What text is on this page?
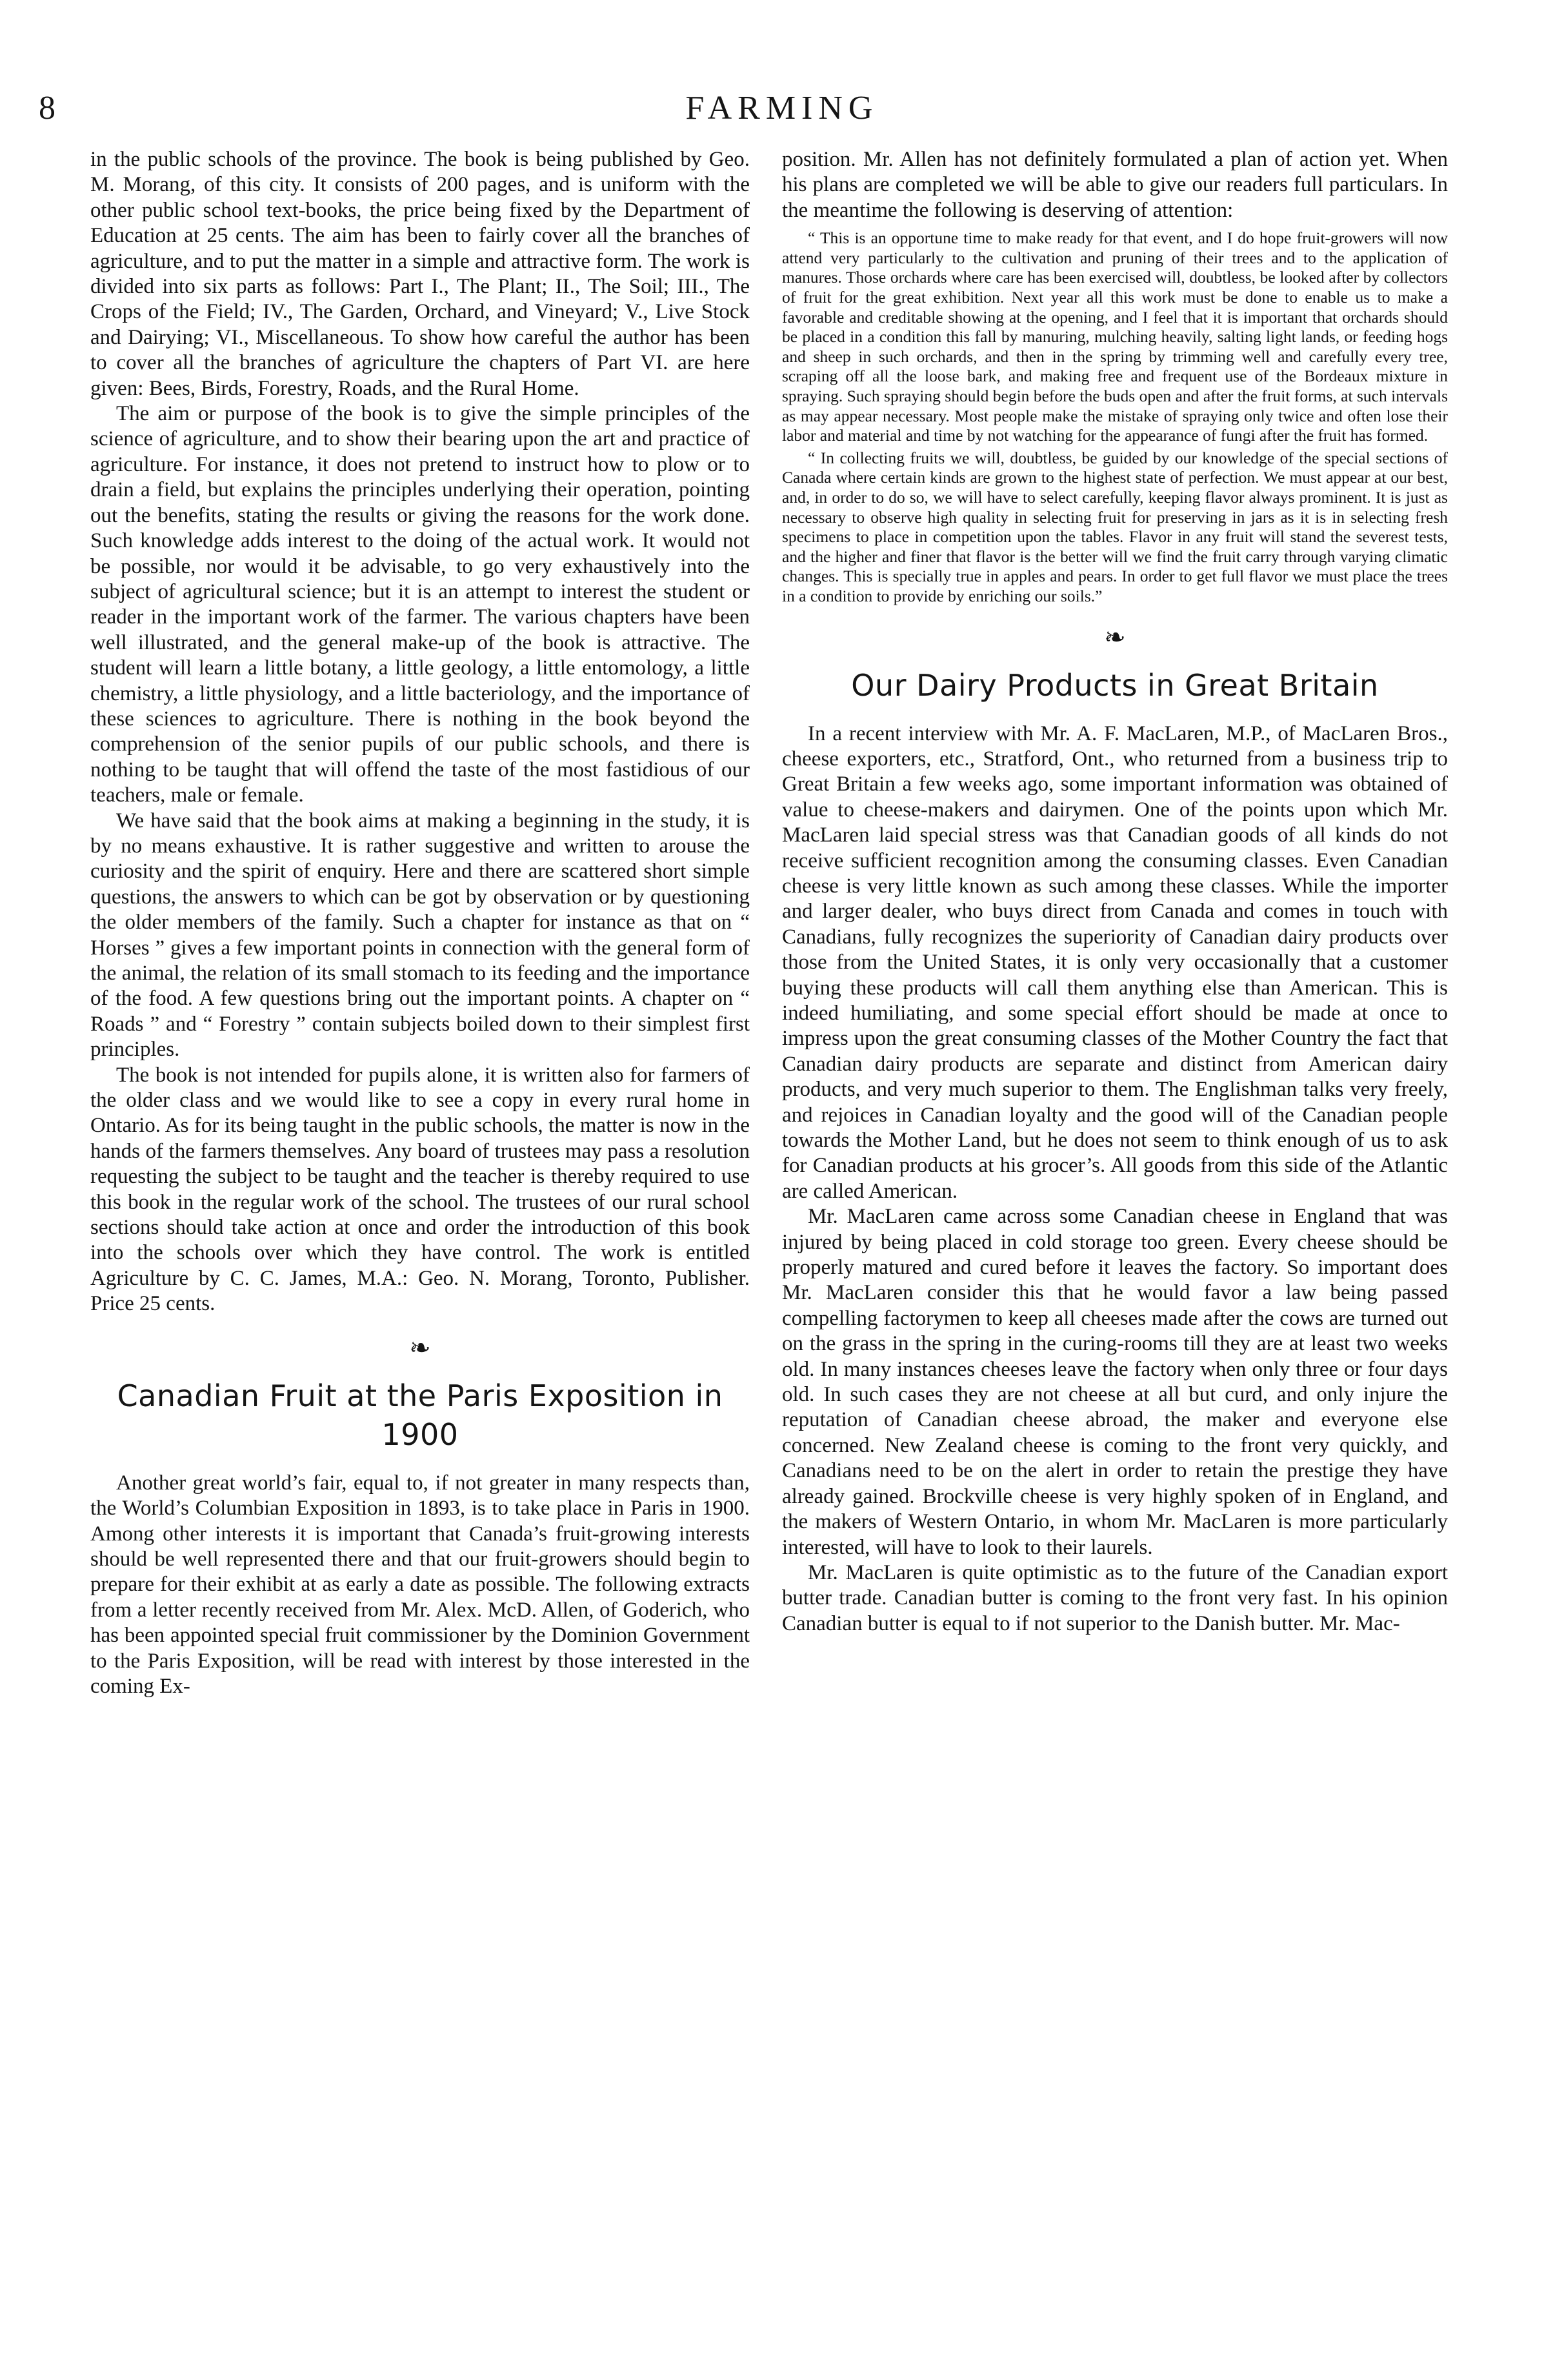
8	FARMING

in the public schools of the province. The book is being published by Geo. M. Morang, of this city. It consists of 200 pages, and is uniform with the other public school text-books, the price being fixed by the Department of Education at 25 cents. The aim has been to fairly cover all the branches of agriculture, and to put the matter in a simple and attractive form. The work is divided into six parts as follows: Part I., The Plant; II., The Soil; III., The Crops of the Field; IV., The Garden, Orchard, and Vineyard; V., Live Stock and Dairying; VI., Miscellaneous. To show how careful the author has been to cover all the branches of agriculture the chapters of Part VI. are here given: Bees, Birds, Forestry, Roads, and the Rural Home.

The aim or purpose of the book is to give the simple principles of the science of agriculture, and to show their bearing upon the art and practice of agriculture. For instance, it does not pretend to instruct how to plow or to drain a field, but explains the principles underlying their operation, pointing out the benefits, stating the results or giving the reasons for the work done. Such knowledge adds interest to the doing of the actual work. It would not be possible, nor would it be advisable, to go very exhaustively into the subject of agricultural science; but it is an attempt to interest the student or reader in the important work of the farmer. The various chapters have been well illustrated, and the general make-up of the book is attractive. The student will learn a little botany, a little geology, a little entomology, a little chemistry, a little physiology, and a little bacteriology, and the importance of these sciences to agriculture. There is nothing in the book beyond the comprehension of the senior pupils of our public schools, and there is nothing to be taught that will offend the taste of the most fastidious of our teachers, male or female.

We have said that the book aims at making a beginning in the study, it is by no means exhaustive. It is rather suggestive and written to arouse the curiosity and the spirit of enquiry. Here and there are scattered short simple questions, the answers to which can be got by observation or by questioning the older members of the family. Such a chapter for instance as that on “ Horses ” gives a few important points in connection with the general form of the animal, the relation of its small stomach to its feeding and the importance of the food. A few questions bring out the important points. A chapter on “ Roads ” and “ Forestry ” contain subjects boiled down to their simplest first principles.

The book is not intended for pupils alone, it is written also for farmers of the older class and we would like to see a copy in every rural home in Ontario. As for its being taught in the public schools, the matter is now in the hands of the farmers themselves. Any board of trustees may pass a resolution requesting the subject to be taught and the teacher is thereby required to use this book in the regular work of the school. The trustees of our rural school sections should take action at once and order the introduction of this book into the schools over which they have control. The work is entitled Agriculture by C. C. James, M.A.: Geo. N. Morang, Toronto, Publisher. Price 25 cents.

❧
Canadian Fruit at the Paris Exposition in 1900

Another great world’s fair, equal to, if not greater in many respects than, the World’s Columbian Exposition in 1893, is to take place in Paris in 1900. Among other interests it is important that Canada’s fruit-growing interests should be well represented there and that our fruit-growers should begin to prepare for their exhibit at as early a date as possible. The following extracts from a letter recently received from Mr. Alex. McD. Allen, of Goderich, who has been appointed special fruit commissioner by the Dominion Government to the Paris Exposition, will be read with interest by those interested in the coming Ex-

position. Mr. Allen has not definitely formulated a plan of action yet. When his plans are completed we will be able to give our readers full particulars. In the meantime the following is deserving of attention:

“ This is an opportune time to make ready for that event, and I do hope fruit-growers will now attend very particularly to the cultivation and pruning of their trees and to the application of manures. Those orchards where care has been exercised will, doubtless, be looked after by collectors of fruit for the great exhibition. Next year all this work must be done to enable us to make a favorable and creditable showing at the opening, and I feel that it is important that orchards should be placed in a condition this fall by manuring, mulching heavily, salting light lands, or feeding hogs and sheep in such orchards, and then in the spring by trimming well and carefully every tree, scraping off all the loose bark, and making free and frequent use of the Bordeaux mixture in spraying. Such spraying should begin before the buds open and after the fruit forms, at such intervals as may appear necessary. Most people make the mistake of spraying only twice and often lose their labor and material and time by not watching for the appearance of fungi after the fruit has formed.

“ In collecting fruits we will, doubtless, be guided by our knowledge of the special sections of Canada where certain kinds are grown to the highest state of perfection. We must appear at our best, and, in order to do so, we will have to select carefully, keeping flavor always prominent. It is just as necessary to observe high quality in selecting fruit for preserving in jars as it is in selecting fresh specimens to place in competition upon the tables. Flavor in any fruit will stand the severest tests, and the higher and finer that flavor is the better will we find the fruit carry through varying climatic changes. This is specially true in apples and pears. In order to get full flavor we must place the trees in a condition to provide by enriching our soils.”

❧
Our Dairy Products in Great Britain

In a recent interview with Mr. A. F. MacLaren, M.P., of MacLaren Bros., cheese exporters, etc., Stratford, Ont., who returned from a business trip to Great Britain a few weeks ago, some important information was obtained of value to cheese-makers and dairymen. One of the points upon which Mr. MacLaren laid special stress was that Canadian goods of all kinds do not receive sufficient recognition among the consuming classes. Even Canadian cheese is very little known as such among these classes. While the importer and larger dealer, who buys direct from Canada and comes in touch with Canadians, fully recognizes the superiority of Canadian dairy products over those from the United States, it is only very occasionally that a customer buying these products will call them anything else than American. This is indeed humiliating, and some special effort should be made at once to impress upon the great consuming classes of the Mother Country the fact that Canadian dairy products are separate and distinct from American dairy products, and very much superior to them. The Englishman talks very freely, and rejoices in Canadian loyalty and the good will of the Canadian people towards the Mother Land, but he does not seem to think enough of us to ask for Canadian products at his grocer’s. All goods from this side of the Atlantic are called American.

Mr. MacLaren came across some Canadian cheese in England that was injured by being placed in cold storage too green. Every cheese should be properly matured and cured before it leaves the factory. So important does Mr. MacLaren consider this that he would favor a law being passed compelling factorymen to keep all cheeses made after the cows are turned out on the grass in the spring in the curing-rooms till they are at least two weeks old. In many instances cheeses leave the factory when only three or four days old. In such cases they are not cheese at all but curd, and only injure the reputation of Canadian cheese abroad, the maker and everyone else concerned. New Zealand cheese is coming to the front very quickly, and Canadians need to be on the alert in order to retain the prestige they have already gained. Brockville cheese is very highly spoken of in England, and the makers of Western Ontario, in whom Mr. MacLaren is more particularly interested, will have to look to their laurels.

Mr. MacLaren is quite optimistic as to the future of the Canadian export butter trade. Canadian butter is coming to the front very fast. In his opinion Canadian butter is equal to if not superior to the Danish butter. Mr. Mac-
